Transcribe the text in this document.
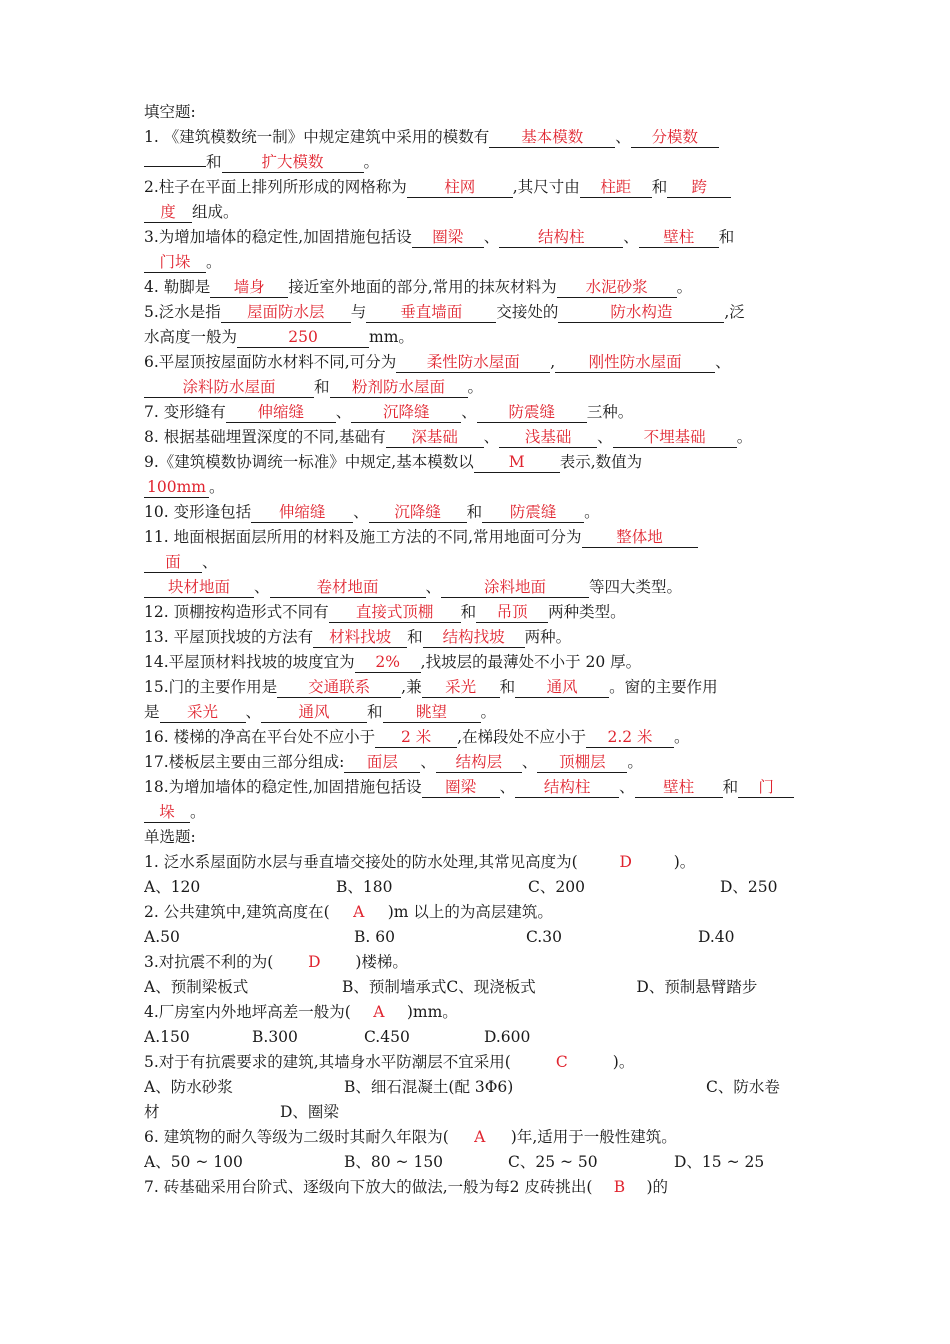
填空题:
1. 《建筑模数统一制》中规定建筑中采用的模数有 基本模数 、 分模数
和	扩大模数	。
2.柱子在平面上排列所形成的网格称为 柱网 ,其尺寸由 柱距 和 跨
度 组成。
3.为增加墙体的稳定性,加固措施包括设 圈梁 、 结构柱	、 壁柱和
门垛 。
4. 勒脚是 墙身 接近室外地面的部分,常用的抹灰材料为 水泥砂浆 。
5.泛水是指 屋面防水层 与 垂直墙面 交接处的	防水构造	,泛
水高度一般为	250	mm。
6.平屋顶按屋面防水材料不同,可分为 柔性防水屋面 , 刚性防水屋面 、
涂料防水屋面和粉剂防水屋面 。
7. 变形缝有 伸缩缝 、 沉降缝 、 防震缝三种。
8. 根据基础埋置深度的不同,基础有 深基础 、 浅基础 、 不埋基础 。
9.《建筑模数协调统一标准》中规定,基本模数以 M 表示,数值为
100mm 。
10. 变形逢包括 伸缩缝、沉降缝和防震缝。
11. 地面根据面层所用的材料及施工方法的不同,常用地面可分为 整体地
面 、
块材地面 、	卷材地面	、	涂料地面	等四大类型。
12. 顶棚按构造形式不同有 直接式顶棚和吊顶 两种类型。
13. 平屋顶找坡的方法有 材料找坡 和 结构找坡 两种。
14.平屋顶材料找坡的坡度宜为 2% ,找坡层的最薄处不小于 20 厚。
15.门的主要作用是 交通联系 ,兼 采光 和 通风 。窗的主要作用
是 采光 、 通风 和 眺望 。
16. 楼梯的净高在平台处不应小于 2 米,在梯段处不应小于 2.2 米 。
17.楼板层主要由三部分组成: 面层 、 结构层 、 顶棚层 。
18.为增加墙体的稳定性,加固措施包括设 圈梁 、 结构柱 、 壁柱和门
垛 。
单选题:
1. 泛水系屋面防水层与垂直墙交接处的防水处理,其常见高度为(	D	)。
A、120	B、180	C、200	D、250
2. 公共建筑中,建筑高度在( A )m 以上的为高层建筑。
A.50	B. 60	C.30	D.40
3.对抗震不利的为( D )楼梯。
A、预制梁板式	B、预制墙承式C、现浇板式	D、预制悬臂踏步
4.厂房室内外地坪高差一般为( A )mm。
A.150	B.300	C.450	D.600
5.对于有抗震要求的建筑,其墙身水平防潮层不宜采用(	C	)。
A、防水砂浆	B、细石混凝土(配 3Φ6)	C、防水卷
材	D、圈梁
6. 建筑物的耐久等级为二级时其耐久年限为( A )年,适用于一般性建筑。
A、50 ~ 100	B、80 ~ 150	C、25 ~ 50	D、15 ~ 25
7. 砖基础采用台阶式、逐级向下放大的做法,一般为每2 皮砖挑出( B )的
